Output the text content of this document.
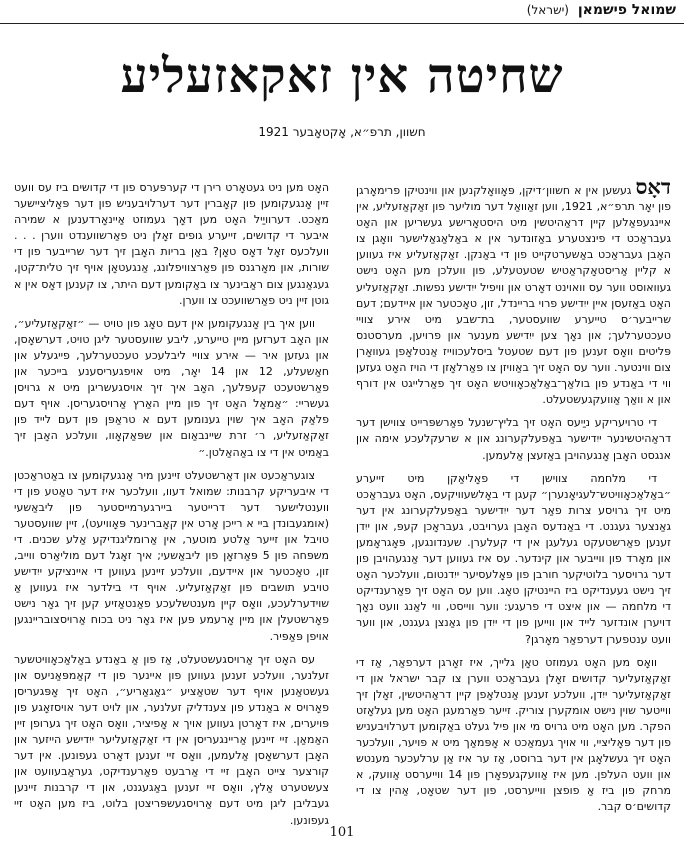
שמואל פישמאן (ישראל)
שחיטה אין זאקאזעליע
חשוון, תרפ״א, אָקטאָבער 1921

דאָס געשען אין א חשוון׳דיקן, פּאָוואָלקנען און ווינטיקן פרימאָרגן פון יאָר תרפ״א, 1921, ווען זאַוואַל דער מוליער פון זאַקאַזעליע, אין איינגעפאַלען קיין דראַהיטשין מיט היסטאָרישע געשריען און האָט געבראַכט די פינצטערע באַזונדער אין א באַלאַגאַלישער וואָגן צו האָבן געבראַכט באַשערטקייט פון די באַנקן. זאַקאַזעליע איז געווען א קליין אַריסטאָקראַטיש שטעטעלע, פון וועלכן מען האָט נישט געוואוסט ווער עס וואוינט דאָרט און וויפיל ייִדישע נפשות. זאַקאַזעליע האָט באַזעסן איין ייִדישע פרוי בריינדל, זון, טאָכטער און איידעם; דעם שרייבער׳ס טייערע שוועסטער, בת־שבע מיט אירע צוויי טעכטערלעך; און נאָך צען ייִדישע מענער און פרויען, מערסטנס פּליטים וואָס זענען פון דעם שטעטל ביסלעכווייז אַנטלאָפן געוואָרן צום ווינטער. ווער עס האָט זיך באַוויזן צו פאַרלאָזן די הויז האָט געזען ווי די באַנדע פון בולאַך־באַלאַכאָוויטש האָט זיך פאַרלייגט אין דורף און א וואַך אַוועקגעשטעלט.

די טרויעריקע ניַיעס האָט זיך בליץ־שנעל פאַרשפּרייט צווישן דער דראַהיטשינער ייִדישער באַפעלקערונג און א שרעקלעכע אימה און אנגסט האָבן אָנגעהויבן באַזעצן אַלעמען.

די מלחמה צווישן די פאָליאַקן מיט זייערע ״באַלאַכאָוויטש־לעגיאָנערן״ קעגן די באָלשעוויקעס, האָט געבראַכט מיט זיך גרויסע צרות פאַר דער ייִדישער באַפעלקערונג אין דער גאַנצער געגנט. די באַנדעס האָבן גערויבט, געבראָכן קעפּ, און ייִדן זענען פאַרשטעקט געלעגן אין די קעלערן. שענדונגען, פּאָגראָמען און מאָרד פון ווייבער און קינדער. עס איז געווען דער אַנגעהויבן פון דער גרויסער בלוטיקער חורבן פון פּאָלעסיער ייִדנטום, וועלכער האָט זיך נישט געענדיקט ביז היינטיקן טאָג. ווען עס האָט זיך פאַרענדיקט די מלחמה — און איצט די פרעגע: ווער ווייסט, ווי לאַנג וועט נאָך דויערן אונדזער לייד און ווייען פון די ייִדן פון גאַנצן געגנט, און ווער וועט ענטפערן דערפאַר מאָרגן?

וואָס מען האָט געמוזט טאָן גלייך, איז זאָרגן דערפאַר, אַז די זאַקאַזעליער קדושים זאָלן געבראַכט ווערן צו קבר ישראל און די זאַקאַזעליער ייִדן, וועלכע זענען אַנטלאָפן קיין דראַהיטשין, זאָלן זיך ווייטער שוין נישט אומקערן צוריק. זייער פאַרמעגן האָט מען געלאָזט הפקר. מען האָט מיט גרויס מי און פיל געלט באַקומען דערלויבעניש פון דער פּאָליציי, ווי אויך געמאַכט א אָפּמאַך מיט א פויער, וועלכער האָט זיך געשלאָגן אין דער ברוסט, אַז ער איז אַן ערלעכער מענטש און וועט העלפן. מען איז אַוועקגעפאָרן פון 14 ווייערסט אַוועק, א מרחק פון ביז אַ פופצן ווייערסט, פון דער שטאָט, אַהין צו די קדושים׳ס קבר.

האָט מען ניט געטאָרט רירן די קערפּערס פון די קדושים ביז עס וועט זיין אָנגעקומען פון קאָברין דער דערלויבעניש פון דער פּאָליציישער מאַכט. דערוויַיל האָט מען דאָך געמוזט אַיינאָרדענען א שמירה איבער די קדושים, זייערע גופים זאָלן ניט פאַרשווענדט ווערן . . . וועלכעס זאָל דאָס טאָן? באַן בריות האָבן זיך דער שרייבער פון די שורות, און מאָרגנס פון פאַרצוויפלונג, אַנגעטאָן אויף זיך טלית־קטן, געגאַנגען צום ראַבינער צו באַקומען דעם היתר, צו קענען דאָס אין א גוטן זיין ניט פאַרשוועכט צו ווערן.

ווען איך בין אָנגעקומען אין דעם טאָג פון טויט — ״זאַקאַזעליע״, און האָב דערזען מיין טייערע, ליבע שוועסטער ליגן טויט, דערשאָסן, און געזען איר — אירע צוויי ליבלעכע טעכטערלעך, פייגעלע און חאַשעלע, 12 און 14 יאָר, מיט אויפגעריסענע בייכער און פאַרשטעכט קעפּלעך, האָב איך זיך אויסגעשריגן מיט א גרויסן געשריי: ״אַמאָל האָט זיך פון מיין האַרץ אַרויסגעריסן. אויף דעם פלאַק האָב איך שוין גענומען דעם א טראַפּן פון דעם לייד פון זאַקאַזעליע, ר׳ זרת שיינבאַום און שפּאַקאָוו, וועלכע האָבן זיך באַמיט אין די צו באַהאַלטן.״

צוגעראַכעט און דאַרשטעלט זיינען מיר אָנגעקומען צו באַטראַכטן די איבעריקע קרבנות: שמואל דעוו, וועלכער איז דער טאַטע פון די ווענטלישער דער דרייטער ביירגערמייסטער פון ליבאַשעי (אומגעבונדן ביי א רייכן אָרט אין קאָברינער פּאָוויעט), זיין שוועסטער טויבל און זייער אַלטע מוטער, אין אַרומליגנדיקע אַלע שכנים. די משפּחה פון 5 פּאַרזאָן פון ליבאַשעי; איך זאָגל דעם מוליאַרס ווייב, זון, טאָכטער און איידעם, וועלכע זיינען געווען די איינציקע ייִדישע טויבע תושבים פון זאַקאַזעליע. אויף די בילדער איז געווען אַ שוידערלעכע, וואָס קיין מענטשלעכע פאַנטאַזיע קען זיך גאָר נישט פאָרשטעלן און מיין אָרעמע פּען איז גאָר ניט בכוח אַרויסצובריינגען אויפן פּאַפּיר.

עס האָט זיך אַרויסגעשטעלט, אַז פון אַ באַנדע באַלאַכאָוויטשער זעלנער, וועלכע זענען געווען פון איינער פון די קאַמפּאַניעס און געשטאַנען אויף דער שטאַציע ״גאַגאַריע״, האָט זיך אָפּגעריסן פאָרויס א באַנדע פון צענדליק זעלנער, און לויט דער אויסזאָגע פון פּויערים, איז דאָרטן געווען אויך א אָפיציר, וואָס האָט זיך גערופן זיין האַמאַן. זיי זיינען אַריינגעריסן אין די זאַקאַזעליער ייִדישע הייזער און האָבן דערשאָסן אַלעמען, וואָס זיי זענען דאָרט געפונען. אין דער קורצער צייט האָבן זיי די אַרבעט פאַרענדיקט, געראַבעוועט און צעשטערט אַלץ, וואָס זיי זענען באַגעגנט, און די קרבנות זיינען געבליבן ליגן מיט דעם אַרויסגעשפּריצטן בלוט, ביז מען האָט זיי געפונען.

101
